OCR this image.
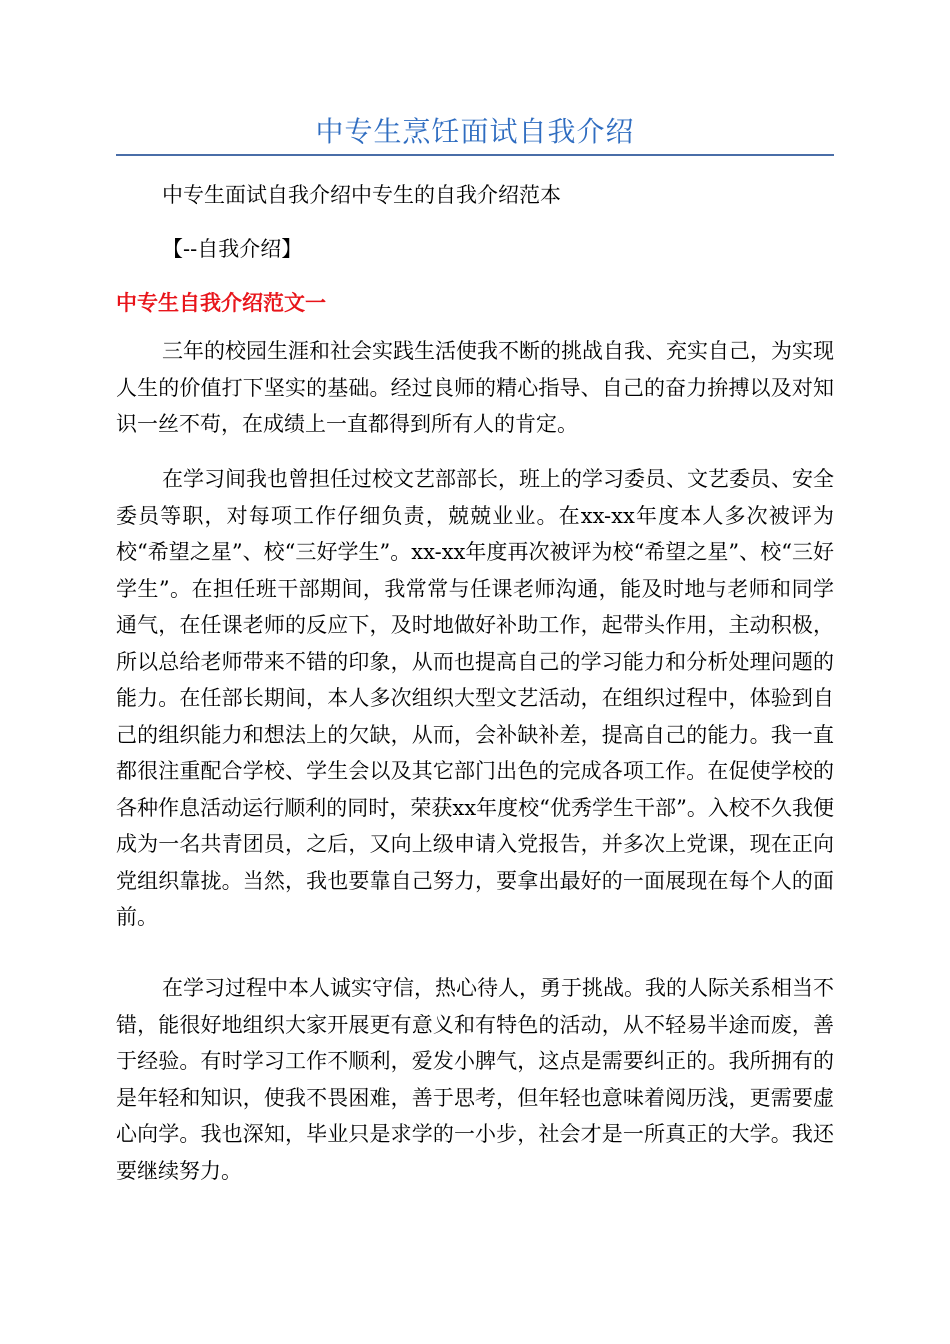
中专生烹饪面试自我介绍

中专生面试自我介绍中专生的自我介绍范本

【--自我介绍】

中专生自我介绍范文一

三年的校园生涯和社会实践生活使我不断的挑战自我、充实自己，为实现人生的价值打下坚实的基础。经过良师的精心指导、自己的奋力拚搏以及对知识一丝不苟，在成绩上一直都得到所有人的肯定。

在学习间我也曾担任过校文艺部部长，班上的学习委员、文艺委员、安全委员等职，对每项工作仔细负责，兢兢业业。在xx-xx年度本人多次被评为校“希望之星”、校“三好学生”。xx-xx年度再次被评为校“希望之星”、校“三好学生”。在担任班干部期间，我常常与任课老师沟通，能及时地与老师和同学通气，在任课老师的反应下，及时地做好补助工作，起带头作用，主动积极，所以总给老师带来不错的印象，从而也提高自己的学习能力和分析处理问题的能力。在任部长期间，本人多次组织大型文艺活动，在组织过程中，体验到自己的组织能力和想法上的欠缺，从而，会补缺补差，提高自己的能力。我一直都很注重配合学校、学生会以及其它部门出色的完成各项工作。在促使学校的各种作息活动运行顺利的同时，荣获xx年度校“优秀学生干部”。入校不久我便成为一名共青团员，之后，又向上级申请入党报告，并多次上党课，现在正向党组织靠拢。当然，我也要靠自己努力，要拿出最好的一面展现在每个人的面前。

在学习过程中本人诚实守信，热心待人，勇于挑战。我的人际关系相当不错，能很好地组织大家开展更有意义和有特色的活动，从不轻易半途而废，善于经验。有时学习工作不顺利，爱发小脾气，这点是需要纠正的。我所拥有的是年轻和知识，使我不畏困难，善于思考，但年轻也意味着阅历浅，更需要虚心向学。我也深知，毕业只是求学的一小步，社会才是一所真正的大学。我还要继续努力。
